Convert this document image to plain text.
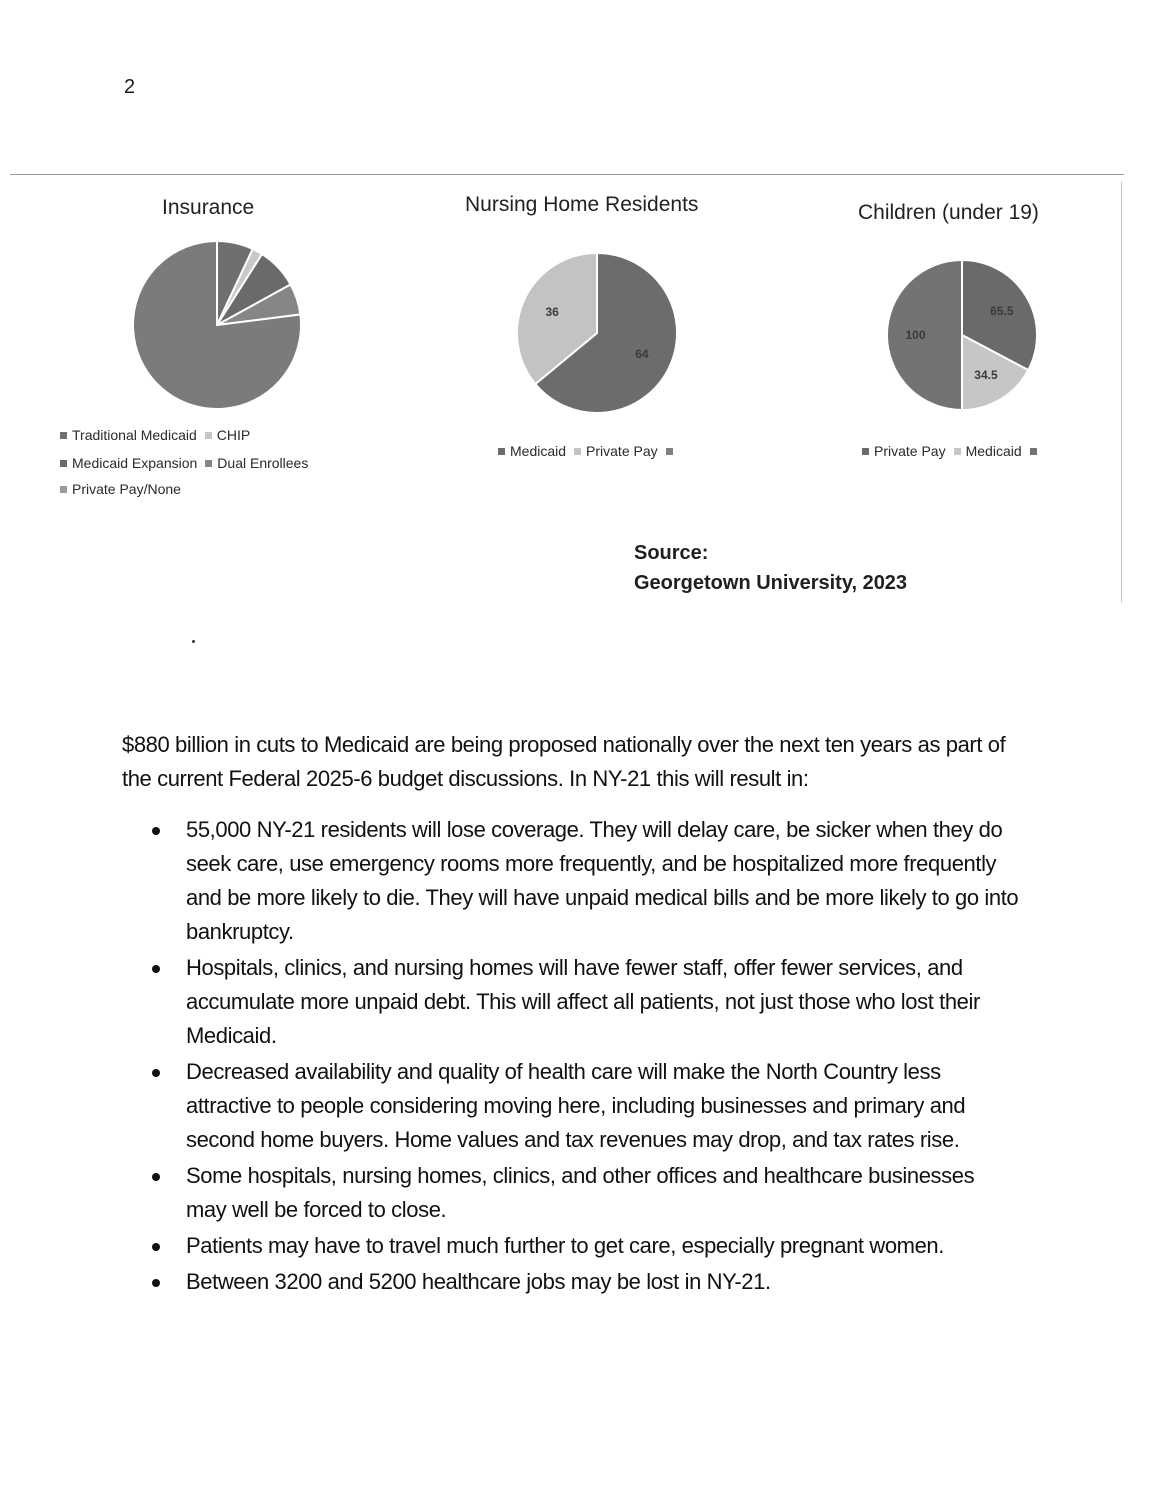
2
Insurance
Traditional Medicaid CHIP
Medicaid Expansion Dual Enrollees
Private Pay/None
Nursing Home Residents
64
36
Medicaid Private Pay
Children (under 19)
65.5
34.5
100
Private Pay Medicaid
Source:
Georgetown University, 2023
$880 billion in cuts to Medicaid are being proposed nationally over the next ten years as part of the current Federal 2025-6 budget discussions. In NY-21 this will result in:
55,000 NY-21 residents will lose coverage. They will delay care, be sicker when they do seek care, use emergency rooms more frequently, and be hospitalized more frequently and be more likely to die. They will have unpaid medical bills and be more likely to go into bankruptcy.
Hospitals, clinics, and nursing homes will have fewer staff, offer fewer services, and accumulate more unpaid debt. This will affect all patients, not just those who lost their Medicaid.
Decreased availability and quality of health care will make the North Country less attractive to people considering moving here, including businesses and primary and second home buyers. Home values and tax revenues may drop, and tax rates rise.
Some hospitals, nursing homes, clinics, and other offices and healthcare businesses may well be forced to close.
Patients may have to travel much further to get care, especially pregnant women.
Between 3200 and 5200 healthcare jobs may be lost in NY-21.
